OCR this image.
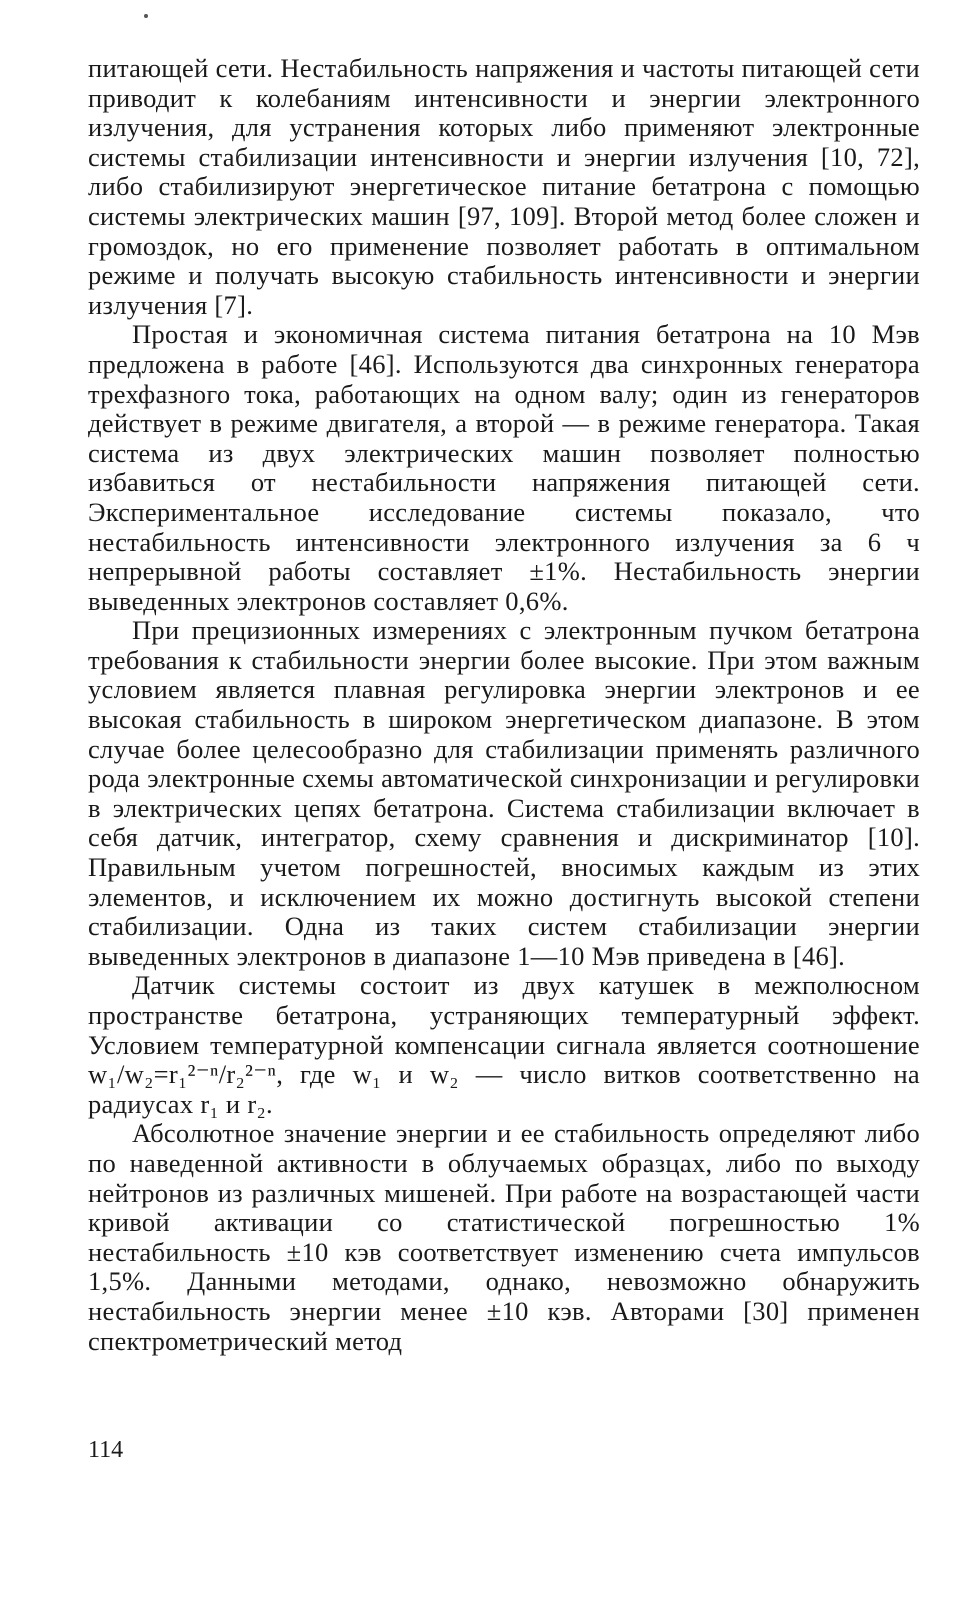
питающей сети. Нестабильность напряжения и частоты питающей сети приводит к колебаниям интенсивности и энергии электронного излучения, для устранения которых либо применяют электронные системы стабилизации интенсивности и энергии излучения [10, 72], либо стабилизируют энергетическое питание бетатрона с помощью системы электрических машин [97, 109]. Второй метод более сложен и громоздок, но его применение позволяет работать в оптимальном режиме и получать высокую стабильность интенсивности и энергии излучения [7].

Простая и экономичная система питания бетатрона на 10 Мэв предложена в работе [46]. Используются два синхронных генератора трехфазного тока, работающих на одном валу; один из генераторов действует в режиме двигателя, а второй — в режиме генератора. Такая система из двух электрических машин позволяет полностью избавиться от нестабильности напряжения питающей сети. Экспериментальное исследование системы показало, что нестабильность интенсивности электронного излучения за 6 ч непрерывной работы составляет ±1%. Нестабильность энергии выведенных электронов составляет 0,6%.

При прецизионных измерениях с электронным пучком бетатрона требования к стабильности энергии более высокие. При этом важным условием является плавная регулировка энергии электронов и ее высокая стабильность в широком энергетическом диапазоне. В этом случае более целесообразно для стабилизации применять различного рода электронные схемы автоматической синхронизации и регулировки в электрических цепях бетатрона. Система стабилизации включает в себя датчик, интегратор, схему сравнения и дискриминатор [10]. Правильным учетом погрешностей, вносимых каждым из этих элементов, и исключением их можно достигнуть высокой степени стабилизации. Одна из таких систем стабилизации энергии выведенных электронов в диапазоне 1—10 Мэв приведена в [46].

Датчик системы состоит из двух катушек в межполюсном пространстве бетатрона, устраняющих температурный эффект. Условием температурной компенсации сигнала является соотношение w₁/w₂=r₁²⁻ⁿ/r₂²⁻ⁿ, где w₁ и w₂ — число витков соответственно на радиусах r₁ и r₂.

Абсолютное значение энергии и ее стабильность определяют либо по наведенной активности в облучаемых образцах, либо по выходу нейтронов из различных мишеней. При работе на возрастающей части кривой активации со статистической погрешностью 1% нестабильность ±10 кэв соответствует изменению счета импульсов 1,5%. Данными методами, однако, невозможно обнаружить нестабильность энергии менее ±10 кэв. Авторами [30] применен спектрометрический метод

114
